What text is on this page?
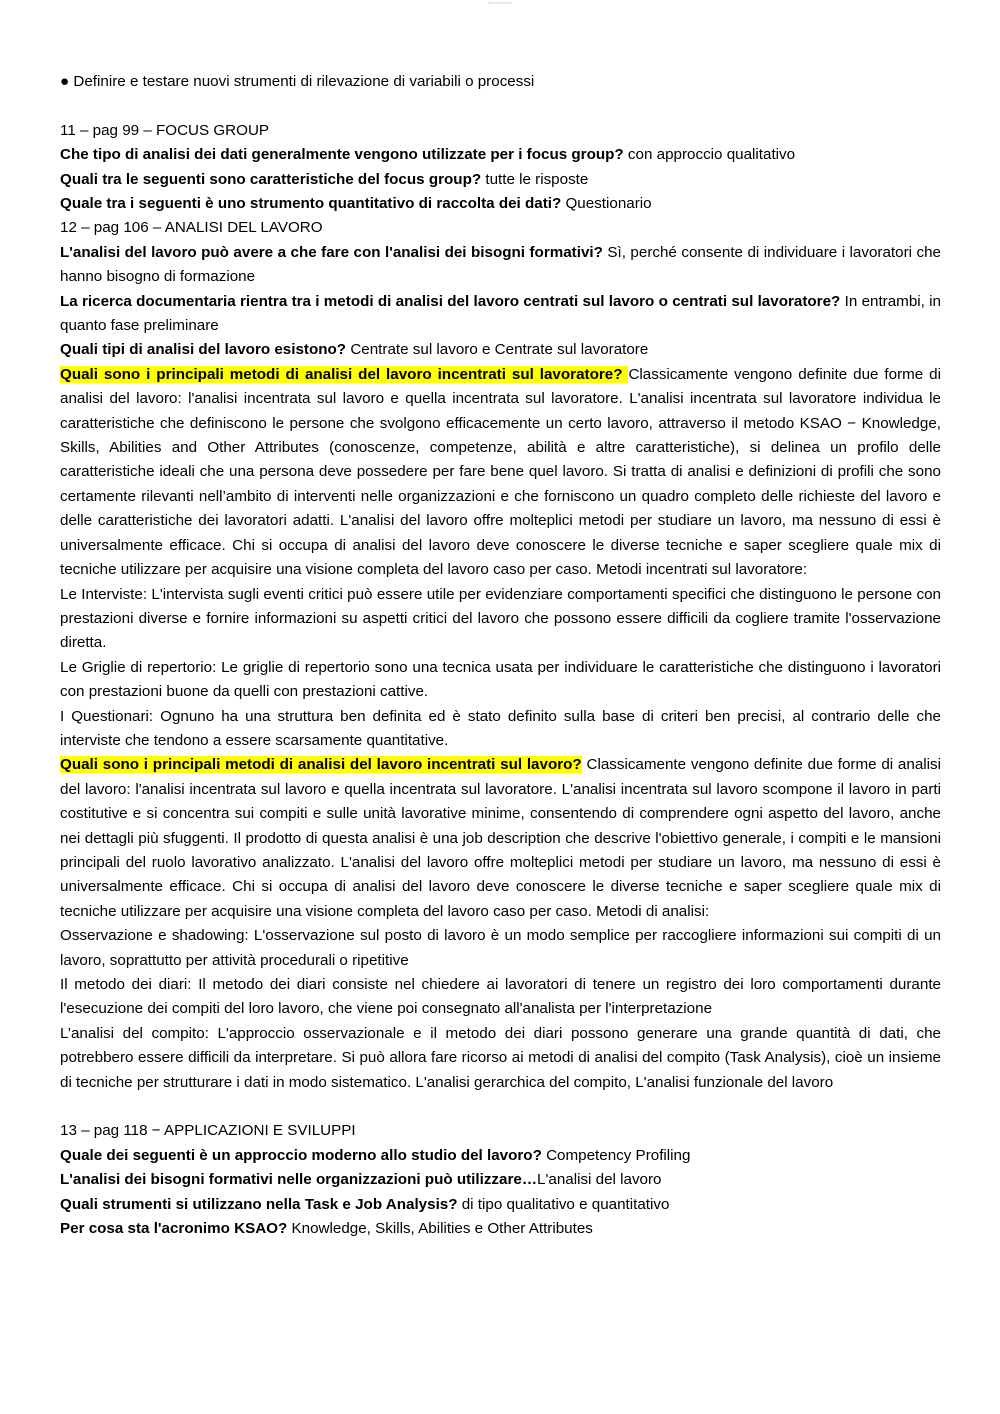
tesi indicativa

● Definire e testare nuovi strumenti di rilevazione di variabili o processi

11 – pag 99 – FOCUS GROUP

Che tipo di analisi dei dati generalmente vengono utilizzate per i focus group? con approccio qualitativo

Quali tra le seguenti sono caratteristiche del focus group? tutte le risposte

Quale tra i seguenti è uno strumento quantitativo di raccolta dei dati? Questionario

12 – pag 106 – ANALISI DEL LAVORO

L'analisi del lavoro può avere a che fare con l'analisi dei bisogni formativi? Sì, perché consente di individuare i lavoratori che hanno bisogno di formazione

La ricerca documentaria rientra tra i metodi di analisi del lavoro centrati sul lavoro o centrati sul lavoratore? In entrambi, in quanto fase preliminare

Quali tipi di analisi del lavoro esistono? Centrate sul lavoro e Centrate sul lavoratore

Quali sono i principali metodi di analisi del lavoro incentrati sul lavoratore? Classicamente vengono definite due forme di analisi del lavoro: l'analisi incentrata sul lavoro e quella incentrata sul lavoratore. L'analisi incentrata sul lavoratore individua le caratteristiche che definiscono le persone che svolgono efficacemente un certo lavoro, attraverso il metodo KSAO − Knowledge, Skills, Abilities and Other Attributes (conoscenze, competenze, abilità e altre caratteristiche), si delinea un profilo delle caratteristiche ideali che una persona deve possedere per fare bene quel lavoro. Si tratta di analisi e definizioni di profili che sono certamente rilevanti nell’ambito di interventi nelle organizzazioni e che forniscono un quadro completo delle richieste del lavoro e delle caratteristiche dei lavoratori adatti. L'analisi del lavoro offre molteplici metodi per studiare un lavoro, ma nessuno di essi è universalmente efficace. Chi si occupa di analisi del lavoro deve conoscere le diverse tecniche e saper scegliere quale mix di tecniche utilizzare per acquisire una visione completa del lavoro caso per caso. Metodi incentrati sul lavoratore:

Le Interviste: L'intervista sugli eventi critici può essere utile per evidenziare comportamenti specifici che distinguono le persone con prestazioni diverse e fornire informazioni su aspetti critici del lavoro che possono essere difficili da cogliere tramite l'osservazione diretta.

Le Griglie di repertorio: Le griglie di repertorio sono una tecnica usata per individuare le caratteristiche che distinguono i lavoratori con prestazioni buone da quelli con prestazioni cattive.

I Questionari: Ognuno ha una struttura ben definita ed è stato definito sulla base di criteri ben precisi, al contrario delle che interviste che tendono a essere scarsamente quantitative.

Quali sono i principali metodi di analisi del lavoro incentrati sul lavoro? Classicamente vengono definite due forme di analisi del lavoro: l'analisi incentrata sul lavoro e quella incentrata sul lavoratore. L'analisi incentrata sul lavoro scompone il lavoro in parti costitutive e si concentra sui compiti e sulle unità lavorative minime, consentendo di comprendere ogni aspetto del lavoro, anche nei dettagli più sfuggenti. Il prodotto di questa analisi è una job description che descrive l'obiettivo generale, i compiti e le mansioni principali del ruolo lavorativo analizzato. L'analisi del lavoro offre molteplici metodi per studiare un lavoro, ma nessuno di essi è universalmente efficace. Chi si occupa di analisi del lavoro deve conoscere le diverse tecniche e saper scegliere quale mix di tecniche utilizzare per acquisire una visione completa del lavoro caso per caso. Metodi di analisi:

Osservazione e shadowing: L'osservazione sul posto di lavoro è un modo semplice per raccogliere informazioni sui compiti di un lavoro, soprattutto per attività procedurali o ripetitive

Il metodo dei diari: Il metodo dei diari consiste nel chiedere ai lavoratori di tenere un registro dei loro comportamenti durante l'esecuzione dei compiti del loro lavoro, che viene poi consegnato all'analista per l'interpretazione

L’analisi del compito: L'approccio osservazionale e il metodo dei diari possono generare una grande quantità di dati, che potrebbero essere difficili da interpretare. Si può allora fare ricorso ai metodi di analisi del compito (Task Analysis), cioè un insieme di tecniche per strutturare i dati in modo sistematico. L'analisi gerarchica del compito, L'analisi funzionale del lavoro

13 – pag 118 − APPLICAZIONI E SVILUPPI

Quale dei seguenti è un approccio moderno allo studio del lavoro? Competency Profiling

L'analisi dei bisogni formativi nelle organizzazioni può utilizzare…L'analisi del lavoro

Quali strumenti si utilizzano nella Task e Job Analysis? di tipo qualitativo e quantitativo

Per cosa sta l'acronimo KSAO? Knowledge, Skills, Abilities e Other Attributes
